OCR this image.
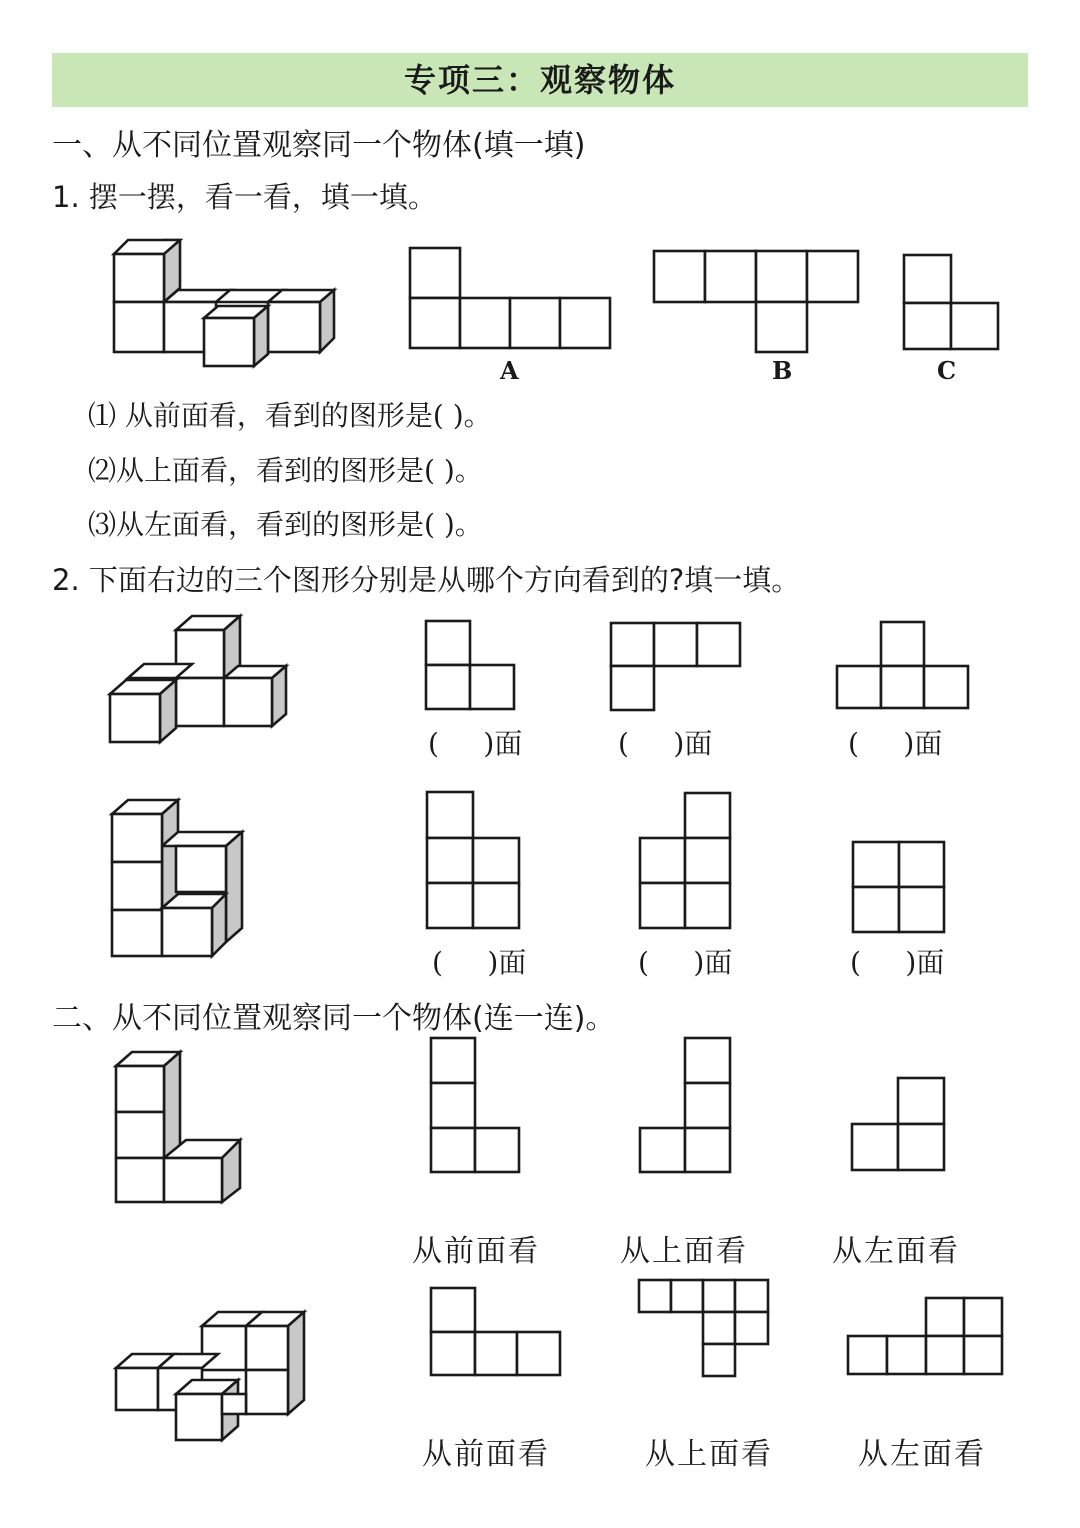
专项三：观察物体
一、从不同位置观察同一个物体(填一填)
1. 摆一摆，看一看，填一填。
A	B	C
⑴ 从前面看，看到的图形是( )。
⑵从上面看，看到的图形是( )。
⑶从左面看，看到的图形是( )。
2. 下面右边的三个图形分别是从哪个方向看到的?填一填。
(     )面	(     )面	(     )面
(     )面	(     )面	(     )面
二、从不同位置观察同一个物体(连一连)。
从前面看	从上面看	从左面看
从前面看	从上面看	从左面看
